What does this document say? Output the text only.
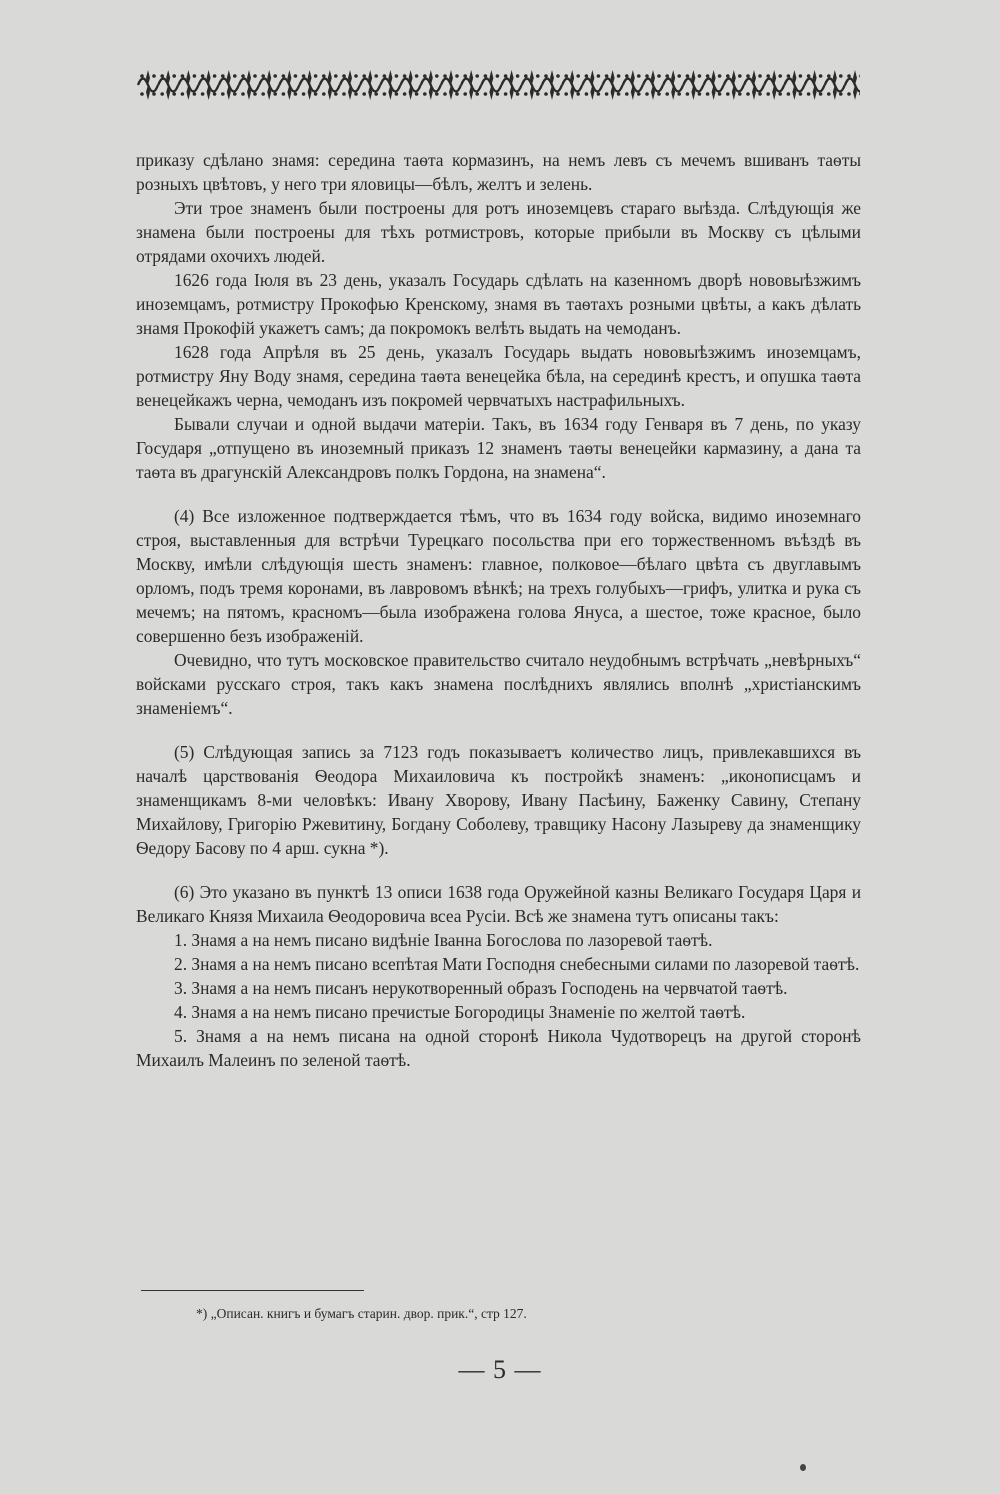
приказу сдѣлано знамя: середина таѳта кормазинъ, на немъ левъ съ мечемъ вшиванъ таѳты розныхъ цвѣтовъ, у него три яловицы—бѣлъ, желтъ и зелень.

Эти трое знаменъ были построены для ротъ иноземцевъ стараго выѣзда. Слѣдующія же знамена были построены для тѣхъ ротмистровъ, которые прибыли въ Москву съ цѣлыми отрядами охочихъ людей.

1626 года Іюля въ 23 день, указалъ Государь сдѣлать на казенномъ дворѣ нововыѣзжимъ иноземцамъ, ротмистру Прокофью Кренскому, знамя въ таѳтахъ розными цвѣты, а какъ дѣлать знамя Прокофій укажетъ самъ; да покромокъ велѣть выдать на чемоданъ.

1628 года Апрѣля въ 25 день, указалъ Государь выдать нововыѣзжимъ иноземцамъ, ротмистру Яну Воду знамя, середина таѳта венецейка бѣла, на серединѣ крестъ, и опушка таѳта венецейкажъ черна, чемоданъ изъ покромей червчатыхъ настрафильныхъ.

Бывали случаи и одной выдачи матеріи. Такъ, въ 1634 году Генваря въ 7 день, по указу Государя „отпущено въ иноземный приказъ 12 знаменъ таѳты венецейки кармазину, а дана та таѳта въ драгунскій Александровъ полкъ Гордона, на знамена“.

(4) Все изложенное подтверждается тѣмъ, что въ 1634 году войска, видимо иноземнаго строя, выставленныя для встрѣчи Турецкаго посольства при его торжественномъ въѣздѣ въ Москву, имѣли слѣдующія шесть знаменъ: главное, полковое—бѣлаго цвѣта съ двуглавымъ орломъ, подъ тремя коронами, въ лавровомъ вѣнкѣ; на трехъ голубыхъ—грифъ, улитка и рука съ мечемъ; на пятомъ, красномъ—была изображена голова Януса, а шестое, тоже красное, было совершенно безъ изображеній.

Очевидно, что тутъ московское правительство считало неудобнымъ встрѣчать „невѣрныхъ“ войсками русскаго строя, такъ какъ знамена послѣднихъ являлись вполнѣ „христіанскимъ знаменіемъ“.

(5) Слѣдующая запись за 7123 годъ показываетъ количество лицъ, привлекавшихся въ началѣ царствованія Ѳеодора Михаиловича къ постройкѣ знаменъ: „иконописцамъ и знаменщикамъ 8-ми человѣкъ: Ивану Хворову, Ивану Пасѣину, Баженку Савину, Степану Михайлову, Григорію Ржевитину, Богдану Соболеву, травщику Насону Лазыреву да знаменщику Ѳедору Басову по 4 арш. сукна *).

(6) Это указано въ пунктѣ 13 описи 1638 года Оружейной казны Великаго Государя Царя и Великаго Князя Михаила Ѳеодоровича всеа Русіи. Всѣ же знамена тутъ описаны такъ:

1. Знамя а на немъ писано видѣніе Іванна Богослова по лазоревой таѳтѣ.

2. Знамя а на немъ писано всепѣтая Мати Господня снебесными силами по лазоревой таѳтѣ.

3. Знамя а на немъ писанъ нерукотворенный образъ Господень на червчатой таѳтѣ.

4. Знамя а на немъ писано пречистые Богородицы Знаменіе по желтой таѳтѣ.

5. Знамя а на немъ писана на одной сторонѣ Никола Чудотворецъ на другой сторонѣ Михаилъ Малеинъ по зеленой таѳтѣ.

*) „Описан. книгъ и бумагъ старин. двор. прик.“, стр 127.
— 5 —
